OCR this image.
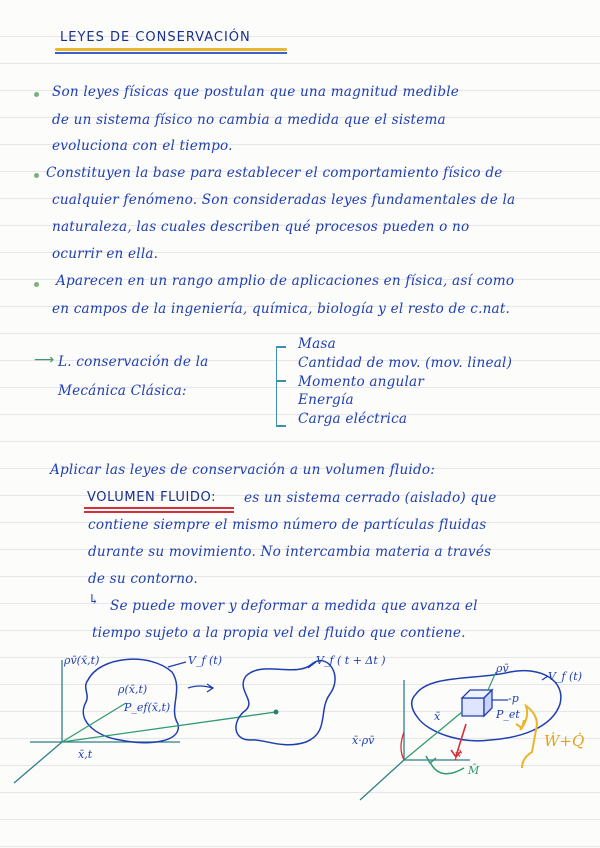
LEYES DE CONSERVACIÓN
Son leyes físicas que postulan que una magnitud medible
de un sistema físico no cambia a medida que el sistema
evoluciona con el tiempo.
Constituyen la base para establecer el comportamiento físico de
cualquier fenómeno. Son consideradas leyes fundamentales de la
naturaleza, las cuales describen qué procesos pueden o no
ocurrir en ella.
Aparecen en un rango amplio de aplicaciones en física, así como
en campos de la ingeniería, química, biología y el resto de c.nat.
⟶ L. conservación de la
Mecánica Clásica:
Masa
Cantidad de mov. (mov. lineal)
Momento angular
Energía
Carga eléctrica
Aplicar las leyes de conservación a un volumen fluido:
VOLUMEN FLUIDO: es un sistema cerrado (aislado) que
contiene siempre el mismo número de partículas fluidas
durante su movimiento. No intercambia materia a través
de su contorno.
↳ Se puede mover y deformar a medida que avanza el
tiempo sujeto a la propia vel del fluido que contiene.
ρv̄(x̄,t)	V_f (t)
ρ(x̄,t)
P_ef(x̄,t)
x̄,t
V_f ( t + Δt )
ρv̄
V_f (t)
-p
P_et
x̄
x̄·ρv̄
F̄
M̄
Ẇ+Q̇
